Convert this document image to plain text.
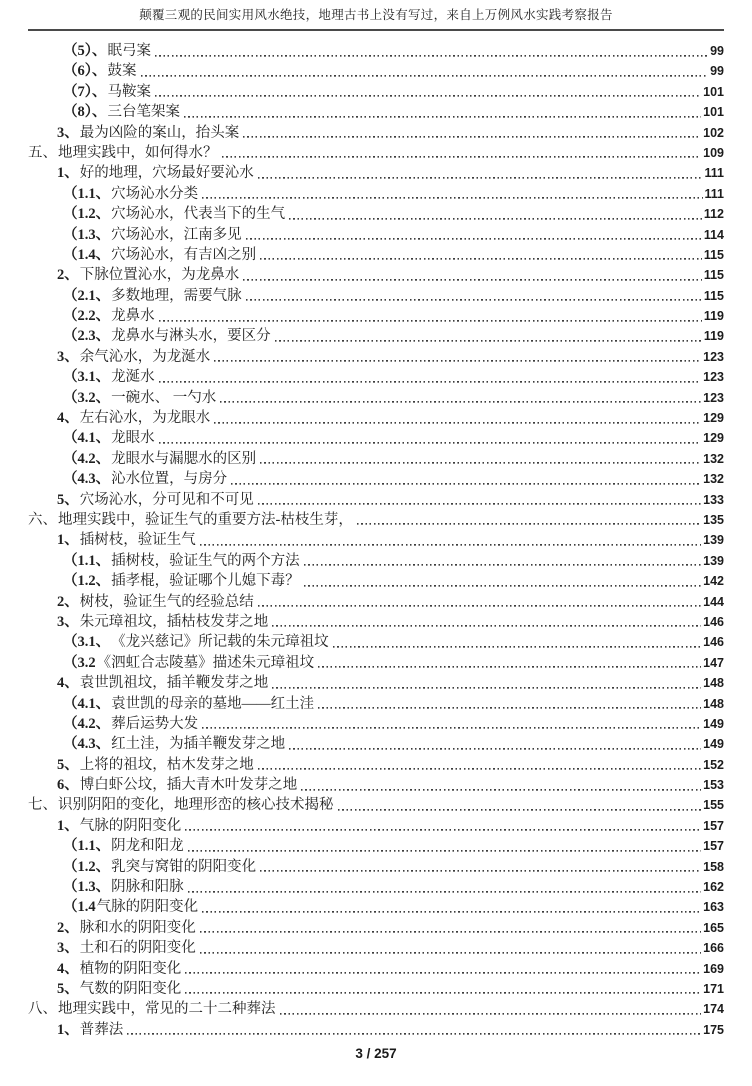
颠覆三观的民间实用风水绝技，地理古书上没有写过，来自上万例风水实践考察报告
（5）、 眠弓案	99
（6）、 鼓案	99
（7）、 马鞍案	101
（8）、 三台笔架案	101
3、 最为凶险的案山，抬头案	102
五、 地理实践中，如何得水？	109
1、 好的地理，穴场最好要沁水	111
（1.1、 穴场沁水分类	111
（1.2、 穴场沁水，代表当下的生气	112
（1.3、 穴场沁水，江南多见	114
（1.4、 穴场沁水，有吉凶之别	115
2、 下脉位置沁水，为龙鼻水	115
（2.1、 多数地理，需要气脉	115
（2.2、 龙鼻水	119
（2.3、 龙鼻水与淋头水，要区分	119
3、 余气沁水，为龙涎水	123
（3.1、 龙涎水	123
（3.2、 一碗水、 一勺水	123
4、 左右沁水，为龙眼水	129
（4.1、 龙眼水	129
（4.2、 龙眼水与漏腮水的区别	132
（4.3、 沁水位置，与房分	132
5、 穴场沁水，分可见和不可见	133
六、 地理实践中，验证生气的重要方法-枯枝生芽，	135
1、 插树枝，验证生气	139
（1.1、 插树枝，验证生气的两个方法	139
（1.2、 插孝棍，验证哪个儿媳下毒？	142
2、 树枝，验证生气的经验总结	144
3、 朱元璋祖坟，插枯枝发芽之地	146
（3.1、 《龙兴慈记》所记载的朱元璋祖坟	146
（3.2 《泗虹合志陵墓》描述朱元璋祖坟	147
4、 袁世凯祖坟，插羊鞭发芽之地	148
（4.1、 袁世凯的母亲的墓地——红土洼	148
（4.2、 葬后运势大发	149
（4.3、 红土洼，为插羊鞭发芽之地	149
5、 上将的祖坟，枯木发芽之地	152
6、 博白虾公坟，插大青木叶发芽之地	153
七、 识别阴阳的变化，地理形峦的核心技术揭秘	155
1、 气脉的阴阳变化	157
（1.1、 阴龙和阳龙	157
（1.2、 乳突与窝钳的阴阳变化	158
（1.3、 阴脉和阳脉	162
（1.4 气脉的阴阳变化	163
2、 脉和水的阴阳变化	165
3、 土和石的阴阳变化	166
4、 植物的阴阳变化	169
5、 气数的阴阳变化	171
八、 地理实践中，常见的二十二种葬法	174
1、 普葬法	175
3 / 257
